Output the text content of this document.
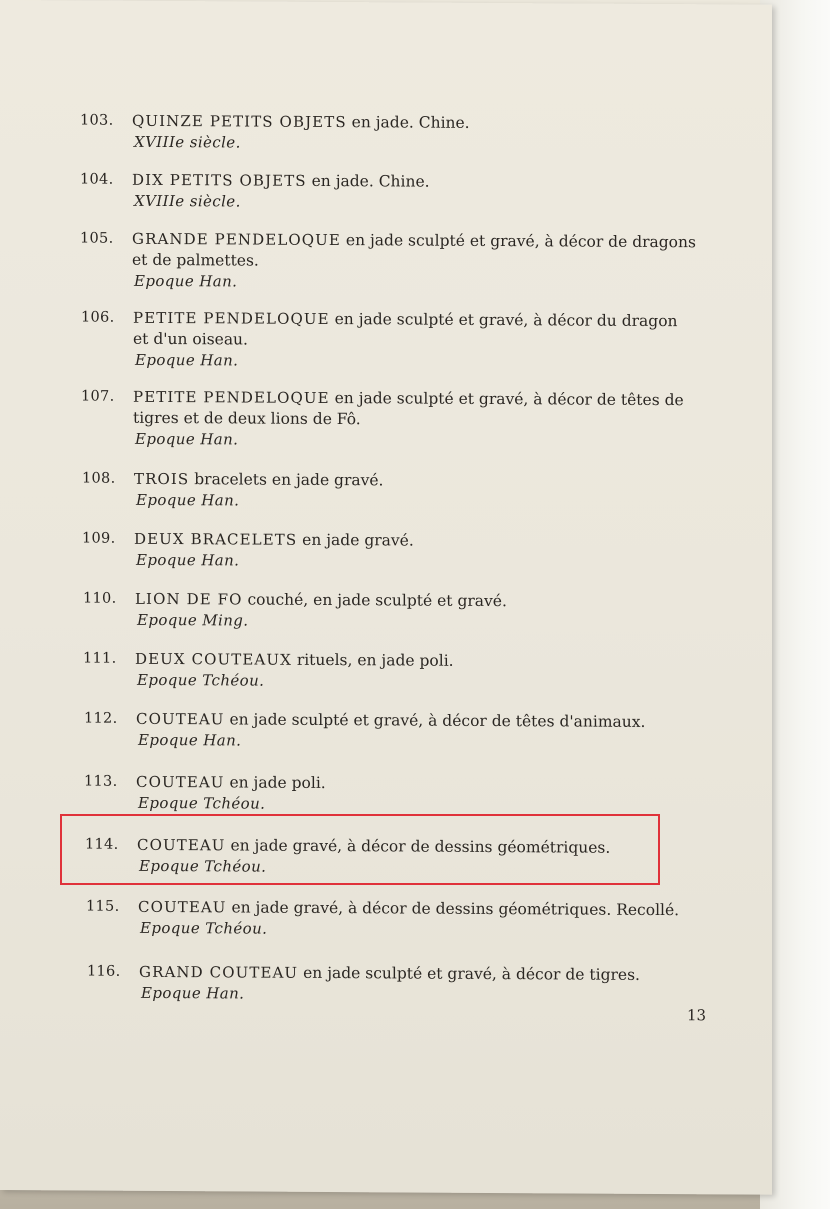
103.	QUINZE PETITS OBJETS en jade. Chine.
XVIIIe siècle.
104.	DIX PETITS OBJETS en jade. Chine.
XVIIIe siècle.
105.	GRANDE PENDELOQUE en jade sculpté et gravé, à décor de dragons
et de palmettes.
Epoque Han.
106.	PETITE PENDELOQUE en jade sculpté et gravé, à décor du dragon
et d'un oiseau.
Epoque Han.
107.	PETITE PENDELOQUE en jade sculpté et gravé, à décor de têtes de
tigres et de deux lions de Fô.
Epoque Han.
108.	TROIS bracelets en jade gravé.
Epoque Han.
109.	DEUX BRACELETS en jade gravé.
Epoque Han.
110.	LION DE FO couché, en jade sculpté et gravé.
Epoque Ming.
111.	DEUX COUTEAUX rituels, en jade poli.
Epoque Tchéou.
112.	COUTEAU en jade sculpté et gravé, à décor de têtes d'animaux.
Epoque Han.
113.	COUTEAU en jade poli.
Epoque Tchéou.
114.	COUTEAU en jade gravé, à décor de dessins géométriques.
Epoque Tchéou.
115.	COUTEAU en jade gravé, à décor de dessins géométriques. Recollé.
Epoque Tchéou.
116.	GRAND COUTEAU en jade sculpté et gravé, à décor de tigres.
Epoque Han.
13
